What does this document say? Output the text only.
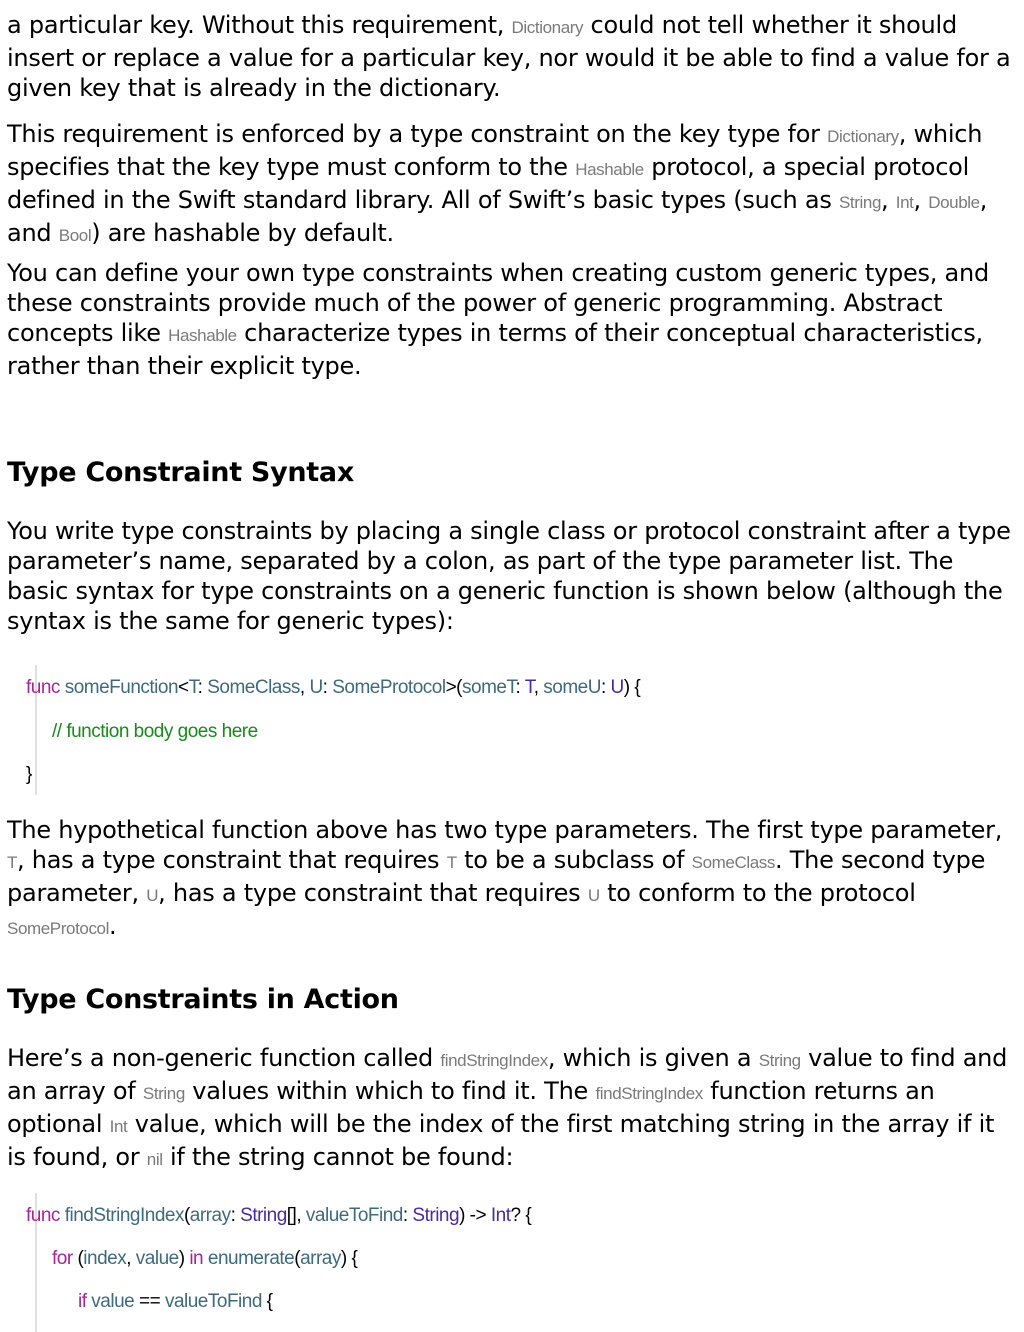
a particular key. Without this requirement, Dictionary could not tell whether it should insert or replace a value for a particular key, nor would it be able to find a value for a given key that is already in the dictionary.

This requirement is enforced by a type constraint on the key type for Dictionary, which specifies that the key type must conform to the Hashable protocol, a special protocol defined in the Swift standard library. All of Swift’s basic types (such as String, Int, Double, and Bool) are hashable by default.

You can define your own type constraints when creating custom generic types, and these constraints provide much of the power of generic programming. Abstract concepts like Hashable characterize types in terms of their conceptual characteristics, rather than their explicit type.

Type Constraint Syntax

You write type constraints by placing a single class or protocol constraint after a type parameter’s name, separated by a colon, as part of the type parameter list. The basic syntax for type constraints on a generic function is shown below (although the syntax is the same for generic types):

func someFunction<T: SomeClass, U: SomeProtocol>(someT: T, someU: U) {
// function body goes here
}

The hypothetical function above has two type parameters. The first type parameter, T, has a type constraint that requires T to be a subclass of SomeClass. The second type parameter, U, has a type constraint that requires U to conform to the protocol SomeProtocol.

Type Constraints in Action

Here’s a non-generic function called findStringIndex, which is given a String value to find and an array of String values within which to find it. The findStringIndex function returns an optional Int value, which will be the index of the first matching string in the array if it is found, or nil if the string cannot be found:

func findStringIndex(array: String[], valueToFind: String) -> Int? {
for (index, value) in enumerate(array) {
if value == valueToFind {
